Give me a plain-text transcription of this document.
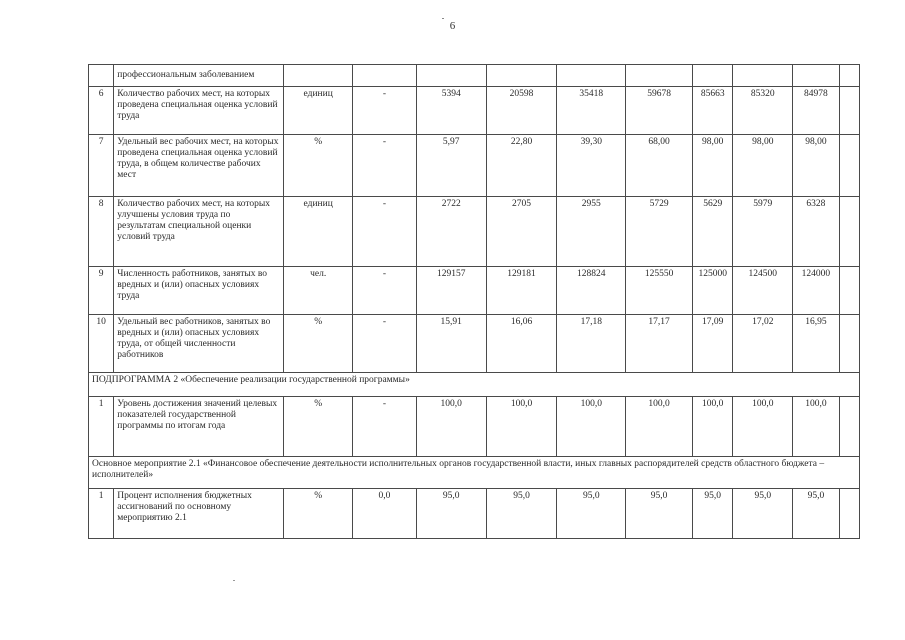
6
	профессиональным заболеванием										
6	Количество рабочих мест, на которых проведена специальная оценка условий труда	единиц	-	5394	20598	35418	59678	85663	85320	84978	
7	Удельный вес рабочих мест, на которых проведена специальная оценка условий труда, в общем количестве рабочих мест	%	-	5,97	22,80	39,30	68,00	98,00	98,00	98,00	
8	Количество рабочих мест, на которых улучшены условия труда по результатам специальной оценки условий труда	единиц	-	2722	2705	2955	5729	5629	5979	6328	
9	Численность работников, занятых во вредных и (или) опасных условиях труда	чел.	-	129157	129181	128824	125550	125000	124500	124000	
10	Удельный вес работников, занятых во вредных и (или) опасных условиях труда, от общей численности работников	%	-	15,91	16,06	17,18	17,17	17,09	17,02	16,95	
ПОДПРОГРАММА 2 «Обеспечение реализации государственной программы»											
1	Уровень достижения значений целевых показателей государственной программы по итогам года	%	-	100,0	100,0	100,0	100,0	100,0	100,0	100,0	
Основное мероприятие 2.1 «Финансовое обеспечение деятельности исполнительных органов государственной власти, иных главных распорядителей средств областного бюджета – исполнителей»											
1	Процент исполнения бюджетных ассигнований по основному мероприятию 2.1	%	0,0	95,0	95,0	95,0	95,0	95,0	95,0	95,0	
